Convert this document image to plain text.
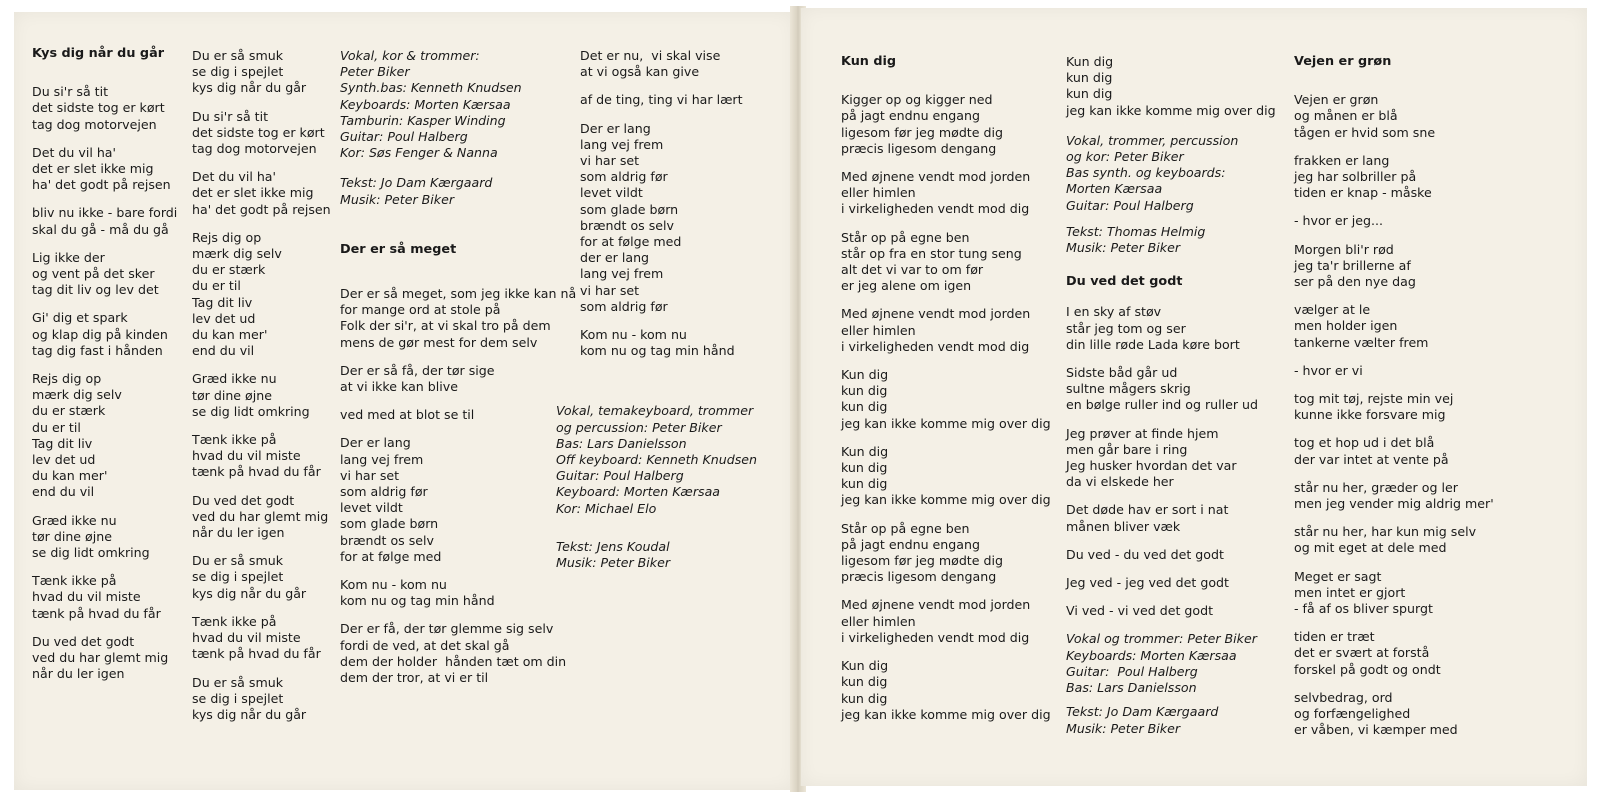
Kys dig når du går
Du si'r så tit
det sidste tog er kørt
tag dog motorvejen
Det du vil ha'
det er slet ikke mig
ha' det godt på rejsen
bliv nu ikke - bare fordi
skal du gå - må du gå
Lig ikke der
og vent på det sker
tag dit liv og lev det
Gi' dig et spark
og klap dig på kinden
tag dig fast i hånden
Rejs dig op
mærk dig selv
du er stærk
du er til
Tag dit liv
lev det ud
du kan mer'
end du vil
Græd ikke nu
tør dine øjne
se dig lidt omkring
Tænk ikke på
hvad du vil miste
tænk på hvad du får
Du ved det godt
ved du har glemt mig
når du ler igen
Du er så smuk
se dig i spejlet
kys dig når du går
Du si'r så tit
det sidste tog er kørt
tag dog motorvejen
Det du vil ha'
det er slet ikke mig
ha' det godt på rejsen
Rejs dig op
mærk dig selv
du er stærk
du er til
Tag dit liv
lev det ud
du kan mer'
end du vil
Græd ikke nu
tør dine øjne
se dig lidt omkring
Tænk ikke på
hvad du vil miste
tænk på hvad du får
Du ved det godt
ved du har glemt mig
når du ler igen
Du er så smuk
se dig i spejlet
kys dig når du går
Tænk ikke på
hvad du vil miste
tænk på hvad du får
Du er så smuk
se dig i spejlet
kys dig når du går
Vokal, kor & trommer:
Peter Biker
Synth.bas: Kenneth Knudsen
Keyboards: Morten Kærsaa
Tamburin: Kasper Winding
Guitar: Poul Halberg
Kor: Søs Fenger & Nanna
Tekst: Jo Dam Kærgaard
Musik: Peter Biker
Der er så meget
Der er så meget, som jeg ikke kan nå
for mange ord at stole på
Folk der si'r, at vi skal tro på dem
mens de gør mest for dem selv
Der er så få, der tør sige
at vi ikke kan blive
ved med at blot se til
Der er lang
lang vej frem
vi har set
som aldrig før
levet vildt
som glade børn
brændt os selv
for at følge med
Kom nu - kom nu
kom nu og tag min hånd
Der er få, der tør glemme sig selv
fordi de ved, at det skal gå
dem der holder  hånden tæt om din
dem der tror, at vi er til
Det er nu,  vi skal vise
at vi også kan give
af de ting, ting vi har lært
Der er lang
lang vej frem
vi har set
som aldrig før
levet vildt
som glade børn
brændt os selv
for at følge med
der er lang
lang vej frem
vi har set
som aldrig før
Kom nu - kom nu
kom nu og tag min hånd
Vokal, temakeyboard, trommer
og percussion: Peter Biker
Bas: Lars Danielsson
Off keyboard: Kenneth Knudsen
Guitar: Poul Halberg
Keyboard: Morten Kærsaa
Kor: Michael Elo
Tekst: Jens Koudal
Musik: Peter Biker
Kun dig
Kigger op og kigger ned
på jagt endnu engang
ligesom før jeg mødte dig
præcis ligesom dengang
Med øjnene vendt mod jorden
eller himlen
i virkeligheden vendt mod dig
Står op på egne ben
står op fra en stor tung seng
alt det vi var to om før
er jeg alene om igen
Med øjnene vendt mod jorden
eller himlen
i virkeligheden vendt mod dig
Kun dig
kun dig
kun dig
jeg kan ikke komme mig over dig
Kun dig
kun dig
kun dig
jeg kan ikke komme mig over dig
Står op på egne ben
på jagt endnu engang
ligesom før jeg mødte dig
præcis ligesom dengang
Med øjnene vendt mod jorden
eller himlen
i virkeligheden vendt mod dig
Kun dig
kun dig
kun dig
jeg kan ikke komme mig over dig
Kun dig
kun dig
kun dig
jeg kan ikke komme mig over dig
Vokal, trommer, percussion
og kor: Peter Biker
Bas synth. og keyboards:
Morten Kærsaa
Guitar: Poul Halberg
Tekst: Thomas Helmig
Musik: Peter Biker
Du ved det godt
I en sky af støv
står jeg tom og ser
din lille røde Lada køre bort
Sidste båd går ud
sultne mågers skrig
en bølge ruller ind og ruller ud
Jeg prøver at finde hjem
men går bare i ring
Jeg husker hvordan det var
da vi elskede her
Det døde hav er sort i nat
månen bliver væk
Du ved - du ved det godt
Jeg ved - jeg ved det godt
Vi ved - vi ved det godt
Vokal og trommer: Peter Biker
Keyboards: Morten Kærsaa
Guitar:  Poul Halberg
Bas: Lars Danielsson
Tekst: Jo Dam Kærgaard
Musik: Peter Biker
Vejen er grøn
Vejen er grøn
og månen er blå
tågen er hvid som sne
frakken er lang
jeg har solbriller på
tiden er knap - måske
- hvor er jeg...
Morgen bli'r rød
jeg ta'r brillerne af
ser på den nye dag
vælger at le
men holder igen
tankerne vælter frem
- hvor er vi
tog mit tøj, rejste min vej
kunne ikke forsvare mig
tog et hop ud i det blå
der var intet at vente på
står nu her, græder og ler
men jeg vender mig aldrig mer'
står nu her, har kun mig selv
og mit eget at dele med
Meget er sagt
men intet er gjort
- få af os bliver spurgt
tiden er træt
det er svært at forstå
forskel på godt og ondt
selvbedrag, ord
og forfængelighed
er våben, vi kæmper med
